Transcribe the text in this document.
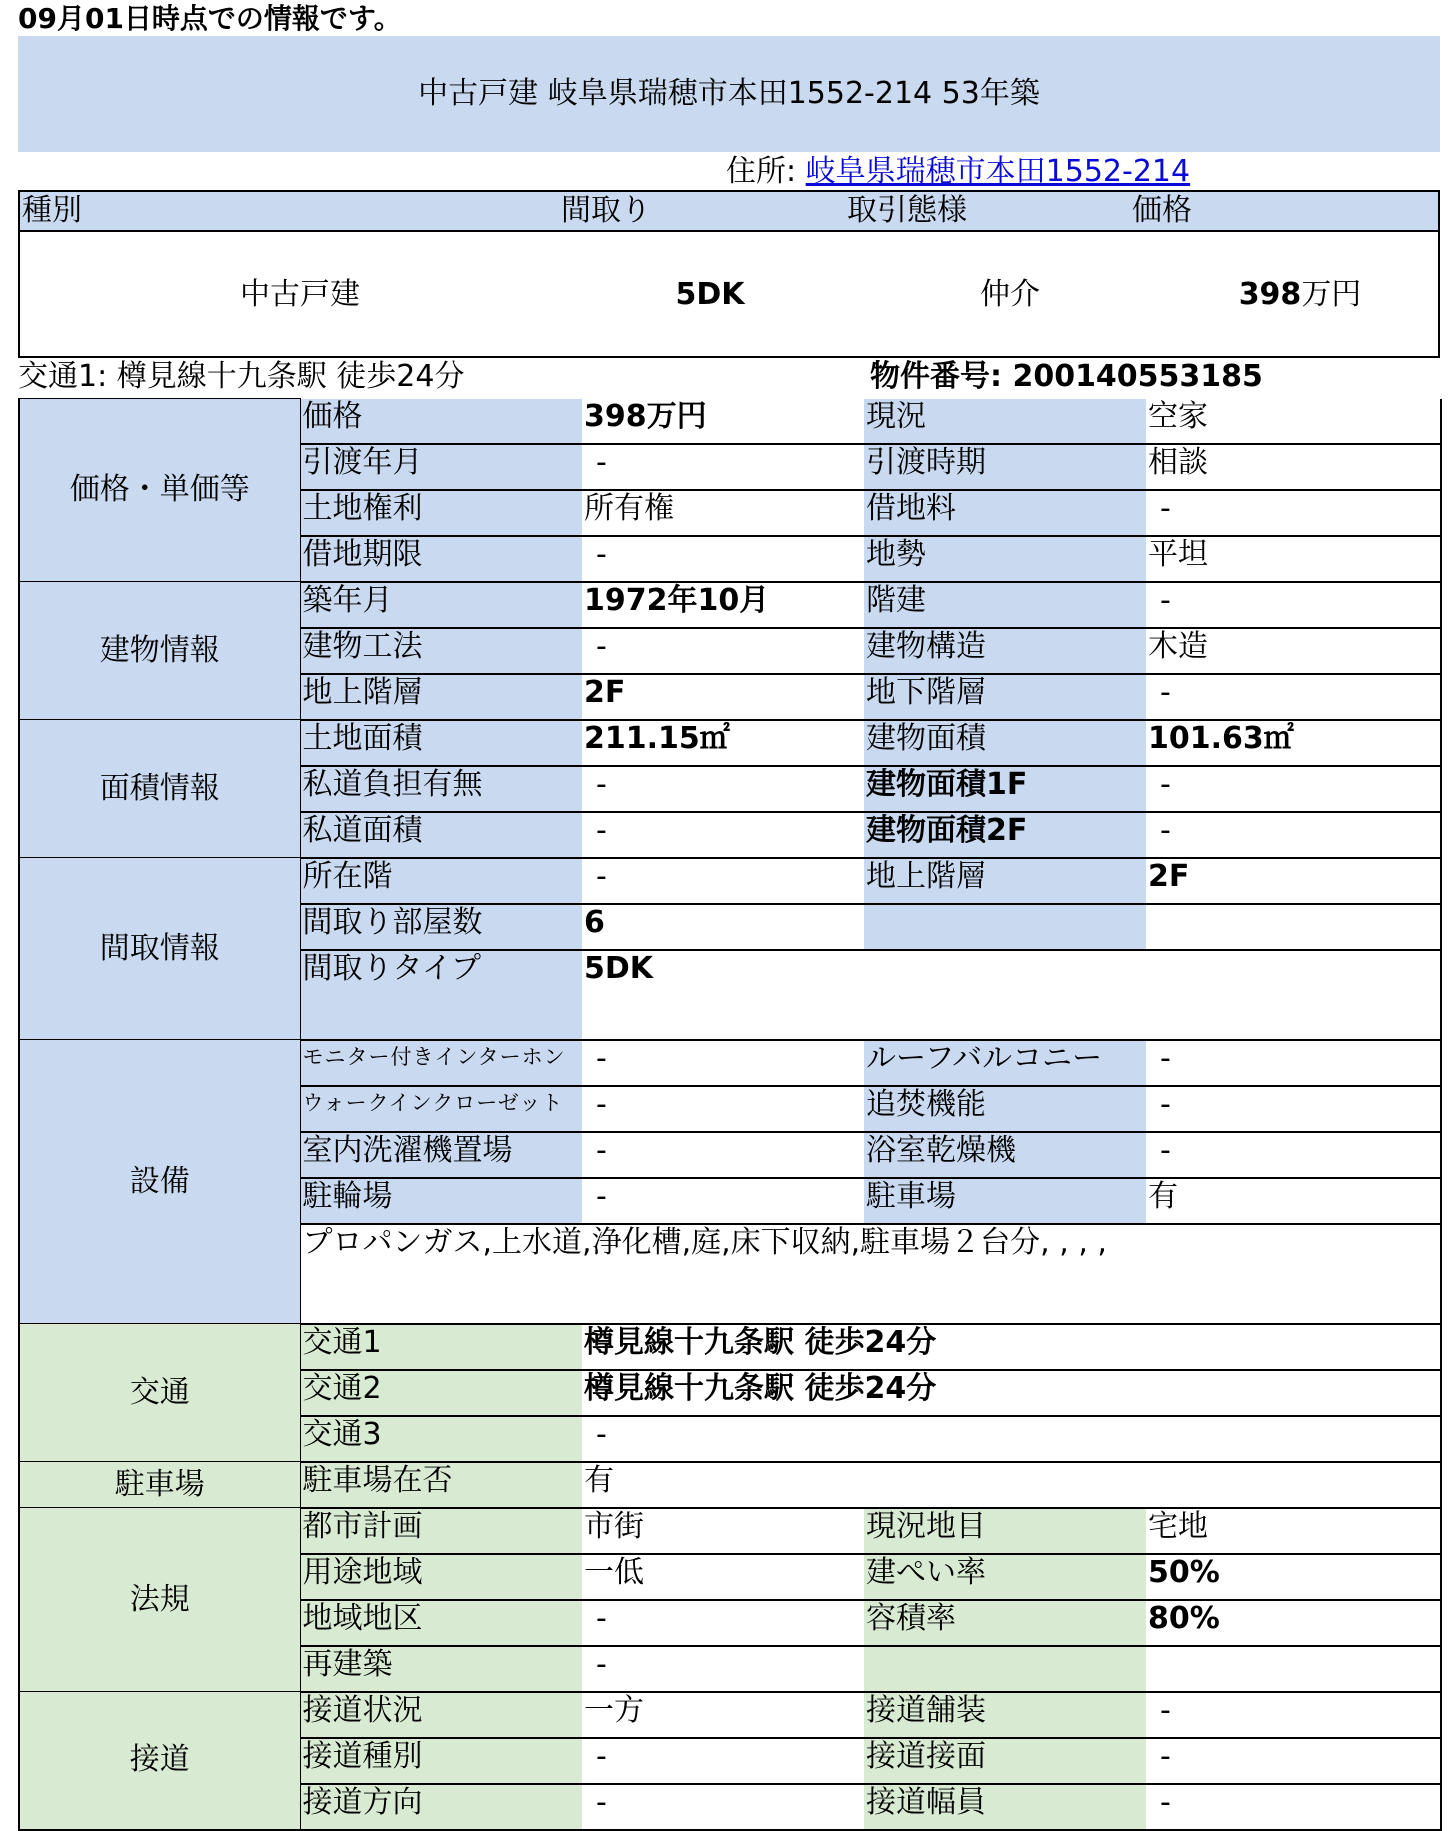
09月01日時点での情報です。
中古戸建 岐阜県瑞穂市本田1552-214 53年築
住所: 岐阜県瑞穂市本田1552-214
種別	間取り	取引態様	価格
中古戸建	5DK	仲介	398万円
交通1: 樽見線十九条駅 徒歩24分	物件番号: 200140553185
価格・単価等	価格	398万円	現況	空家
	引渡年月	-	引渡時期	相談
	土地権利	所有権	借地料	-
	借地期限	-	地勢	平坦
建物情報	築年月	1972年10月	階建	-
	建物工法	-	建物構造	木造
	地上階層	2F	地下階層	-
面積情報	土地面積	211.15㎡	建物面積	101.63㎡
	私道負担有無	-	建物面積1F	-
	私道面積	-	建物面積2F	-
間取情報	所在階	-	地上階層	2F
	間取り部屋数	6		
	間取りタイプ	5DK		
設備	モニター付きインターホン	-	ルーフバルコニー	-
	ウォークインクローゼット	-	追焚機能	-
	室内洗濯機置場	-	浴室乾燥機	-
	駐輪場	-	駐車場	有
	プロパンガス,上水道,浄化槽,庭,床下収納,駐車場２台分, , , ,			
交通	交通1	樽見線十九条駅 徒歩24分		
	交通2	樽見線十九条駅 徒歩24分		
	交通3	-		
駐車場	駐車場在否	有		
法規	都市計画	市街	現況地目	宅地
	用途地域	一低	建ぺい率	50%
	地域地区	-	容積率	80%
	再建築	-		
接道	接道状況	一方	接道舗装	-
	接道種別	-	接道接面	-
	接道方向	-	接道幅員	-
